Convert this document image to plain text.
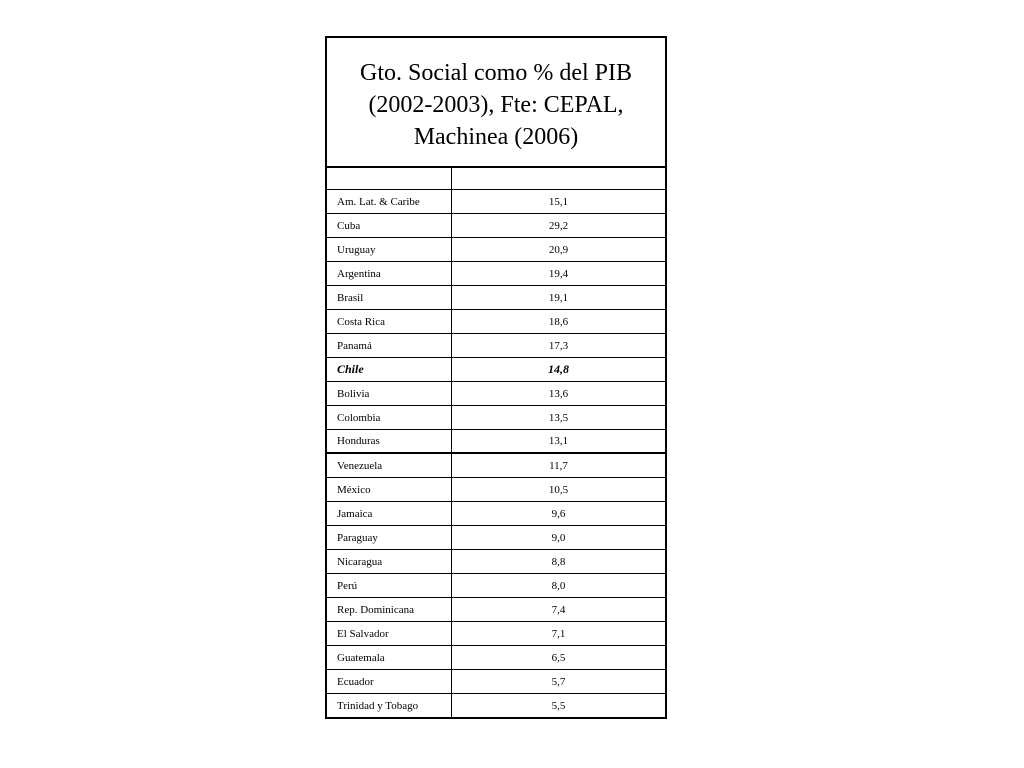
Gto. Social como % del PIB
(2002-2003), Fte: CEPAL,
Machinea (2006)
Am. Lat. & Caribe	15,1
Cuba	29,2
Uruguay	20,9
Argentina	19,4
Brasil	19,1
Costa Rica	18,6
Panamá	17,3
Chile	14,8
Bolivia	13,6
Colombia	13,5
Honduras	13,1
Venezuela	11,7
México	10,5
Jamaica	9,6
Paraguay	9,0
Nicaragua	8,8
Perú	8,0
Rep. Dominicana	7,4
El Salvador	7,1
Guatemala	6,5
Ecuador	5,7
Trinidad y Tobago	5,5
